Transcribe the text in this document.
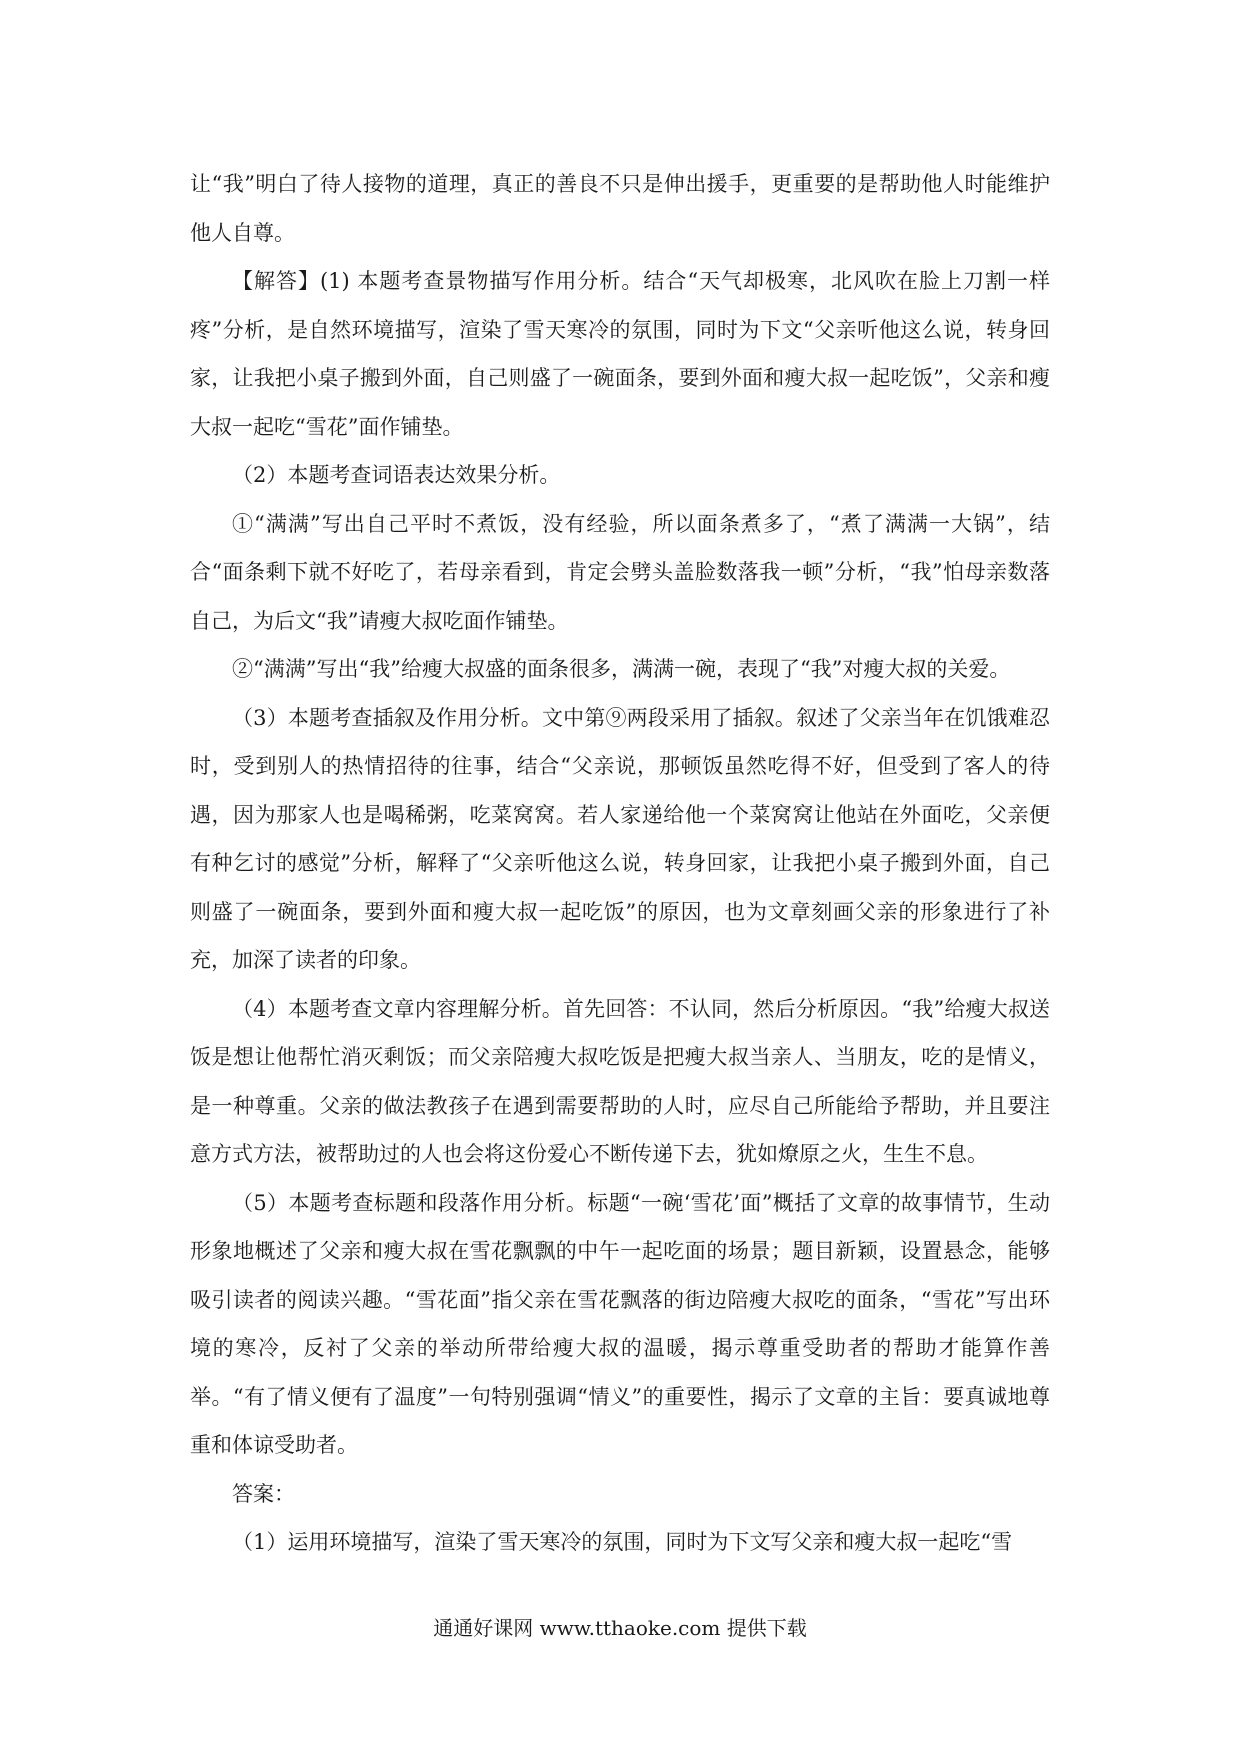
让“我”明白了待人接物的道理，真正的善良不只是伸出援手，更重要的是帮助他人时能维护他人自尊。

【解答】(1) 本题考查景物描写作用分析。结合“天气却极寒，北风吹在脸上刀割一样疼”分析，是自然环境描写，渲染了雪天寒冷的氛围，同时为下文“父亲听他这么说，转身回家，让我把小桌子搬到外面，自己则盛了一碗面条，要到外面和瘦大叔一起吃饭”，父亲和瘦大叔一起吃“雪花”面作铺垫。

（2）本题考查词语表达效果分析。

①“满满”写出自己平时不煮饭，没有经验，所以面条煮多了，“煮了满满一大锅”，结合“面条剩下就不好吃了，若母亲看到，肯定会劈头盖脸数落我一顿”分析，“我”怕母亲数落自己，为后文“我”请瘦大叔吃面作铺垫。

②“满满”写出“我”给瘦大叔盛的面条很多，满满一碗，表现了“我”对瘦大叔的关爱。

（3）本题考查插叙及作用分析。文中第⑨两段采用了插叙。叙述了父亲当年在饥饿难忍时，受到别人的热情招待的往事，结合“父亲说，那顿饭虽然吃得不好，但受到了客人的待遇，因为那家人也是喝稀粥，吃菜窝窝。若人家递给他一个菜窝窝让他站在外面吃，父亲便有种乞讨的感觉”分析，解释了“父亲听他这么说，转身回家，让我把小桌子搬到外面，自己则盛了一碗面条，要到外面和瘦大叔一起吃饭”的原因，也为文章刻画父亲的形象进行了补充，加深了读者的印象。

（4）本题考查文章内容理解分析。首先回答：不认同，然后分析原因。“我”给瘦大叔送饭是想让他帮忙消灭剩饭；而父亲陪瘦大叔吃饭是把瘦大叔当亲人、当朋友，吃的是情义，是一种尊重。父亲的做法教孩子在遇到需要帮助的人时，应尽自己所能给予帮助，并且要注意方式方法，被帮助过的人也会将这份爱心不断传递下去，犹如燎原之火，生生不息。

（5）本题考查标题和段落作用分析。标题“一碗‘雪花’面”概括了文章的故事情节，生动形象地概述了父亲和瘦大叔在雪花飘飘的中午一起吃面的场景；题目新颖，设置悬念，能够吸引读者的阅读兴趣。“雪花面”指父亲在雪花飘落的街边陪瘦大叔吃的面条，“雪花”写出环境的寒冷，反衬了父亲的举动所带给瘦大叔的温暖，揭示尊重受助者的帮助才能算作善举。“有了情义便有了温度”一句特别强调“情义”的重要性，揭示了文章的主旨：要真诚地尊重和体谅受助者。

答案：

（1）运用环境描写，渲染了雪天寒冷的氛围，同时为下文写父亲和瘦大叔一起吃“雪

通通好课网 www.tthaoke.com 提供下载
